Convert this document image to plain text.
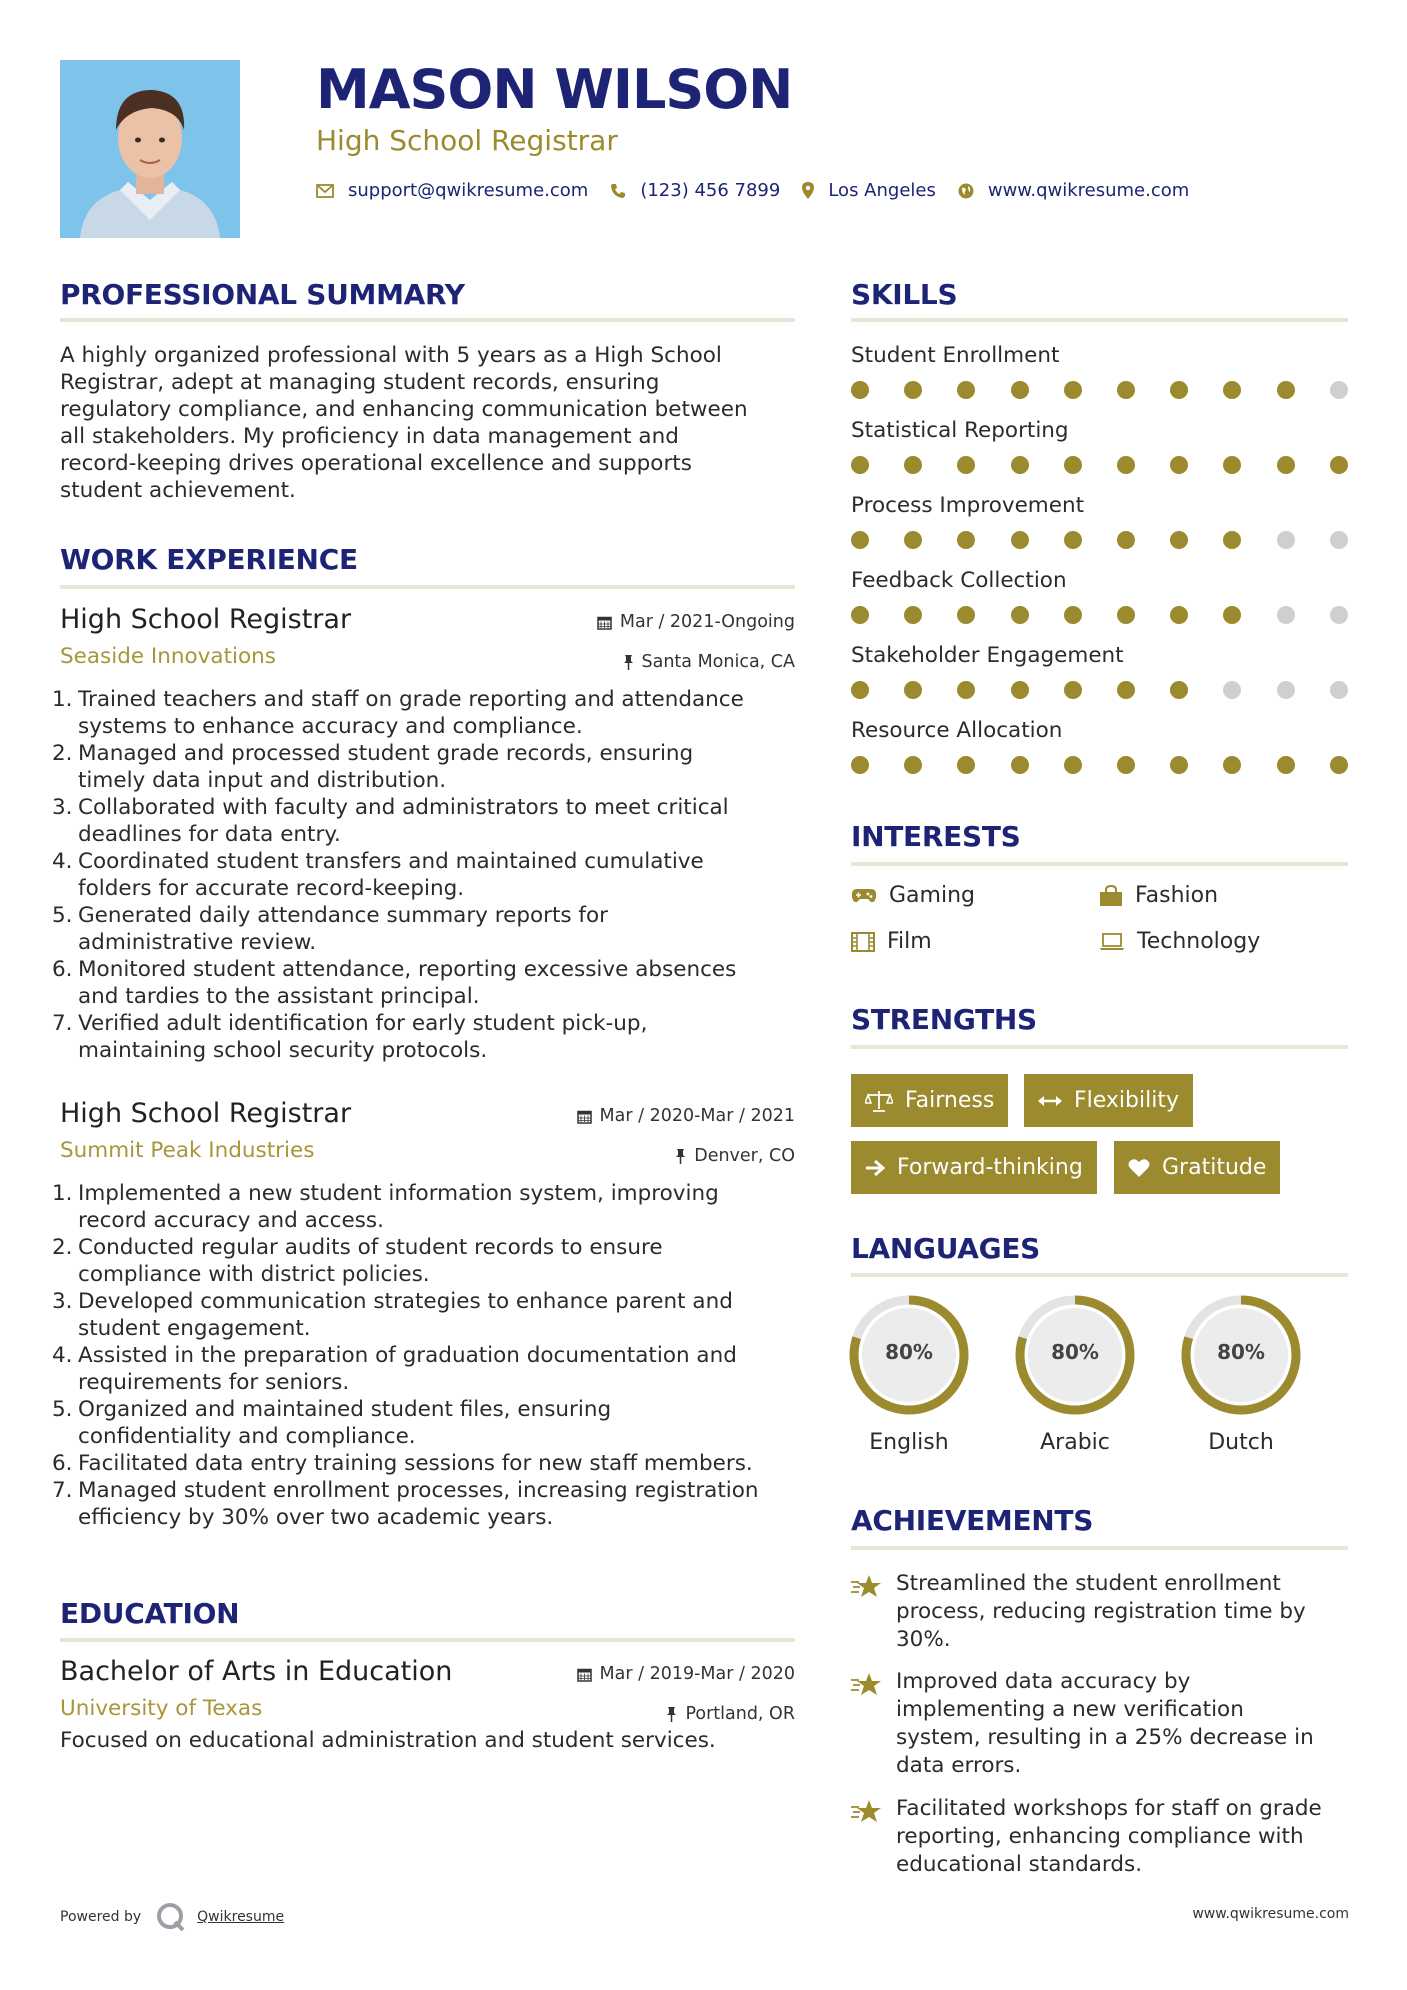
MASON WILSON
High School Registrar
support@qwikresume.com	(123) 456 7899	Los Angeles	www.qwikresume.com
PROFESSIONAL SUMMARY
A highly organized professional with 5 years as a High School
Registrar, adept at managing student records, ensuring
regulatory compliance, and enhancing communication between
all stakeholders. My proficiency in data management and
record-keeping drives operational excellence and supports
student achievement.
WORK EXPERIENCE
High School Registrar
Seaside Innovations
Mar / 2021-Ongoing
Santa Monica, CA
1. Trained teachers and staff on grade reporting and attendance
systems to enhance accuracy and compliance.
2. Managed and processed student grade records, ensuring
timely data input and distribution.
3. Collaborated with faculty and administrators to meet critical
deadlines for data entry.
4. Coordinated student transfers and maintained cumulative
folders for accurate record-keeping.
5. Generated daily attendance summary reports for
administrative review.
6. Monitored student attendance, reporting excessive absences
and tardies to the assistant principal.
7. Verified adult identification for early student pick-up,
maintaining school security protocols.
High School Registrar
Summit Peak Industries
Mar / 2020-Mar / 2021
Denver, CO
1. Implemented a new student information system, improving
record accuracy and access.
2. Conducted regular audits of student records to ensure
compliance with district policies.
3. Developed communication strategies to enhance parent and
student engagement.
4. Assisted in the preparation of graduation documentation and
requirements for seniors.
5. Organized and maintained student files, ensuring
confidentiality and compliance.
6. Facilitated data entry training sessions for new staff members.
7. Managed student enrollment processes, increasing registration
efficiency by 30% over two academic years.
EDUCATION
Bachelor of Arts in Education
University of Texas
Mar / 2019-Mar / 2020
Portland, OR
Focused on educational administration and student services.
SKILLS
Student Enrollment
Statistical Reporting
Process Improvement
Feedback Collection
Stakeholder Engagement
Resource Allocation
INTERESTS
Gaming	Fashion
Film	Technology
STRENGTHS
Fairness	Flexibility
Forward-thinking	Gratitude
LANGUAGES
80%
English
80%
Arabic
80%
Dutch
ACHIEVEMENTS
Streamlined the student enrollment
process, reducing registration time by
30%.
Improved data accuracy by
implementing a new verification
system, resulting in a 25% decrease in
data errors.
Facilitated workshops for staff on grade
reporting, enhancing compliance with
educational standards.
Powered by	Qwikresume	www.qwikresume.com
